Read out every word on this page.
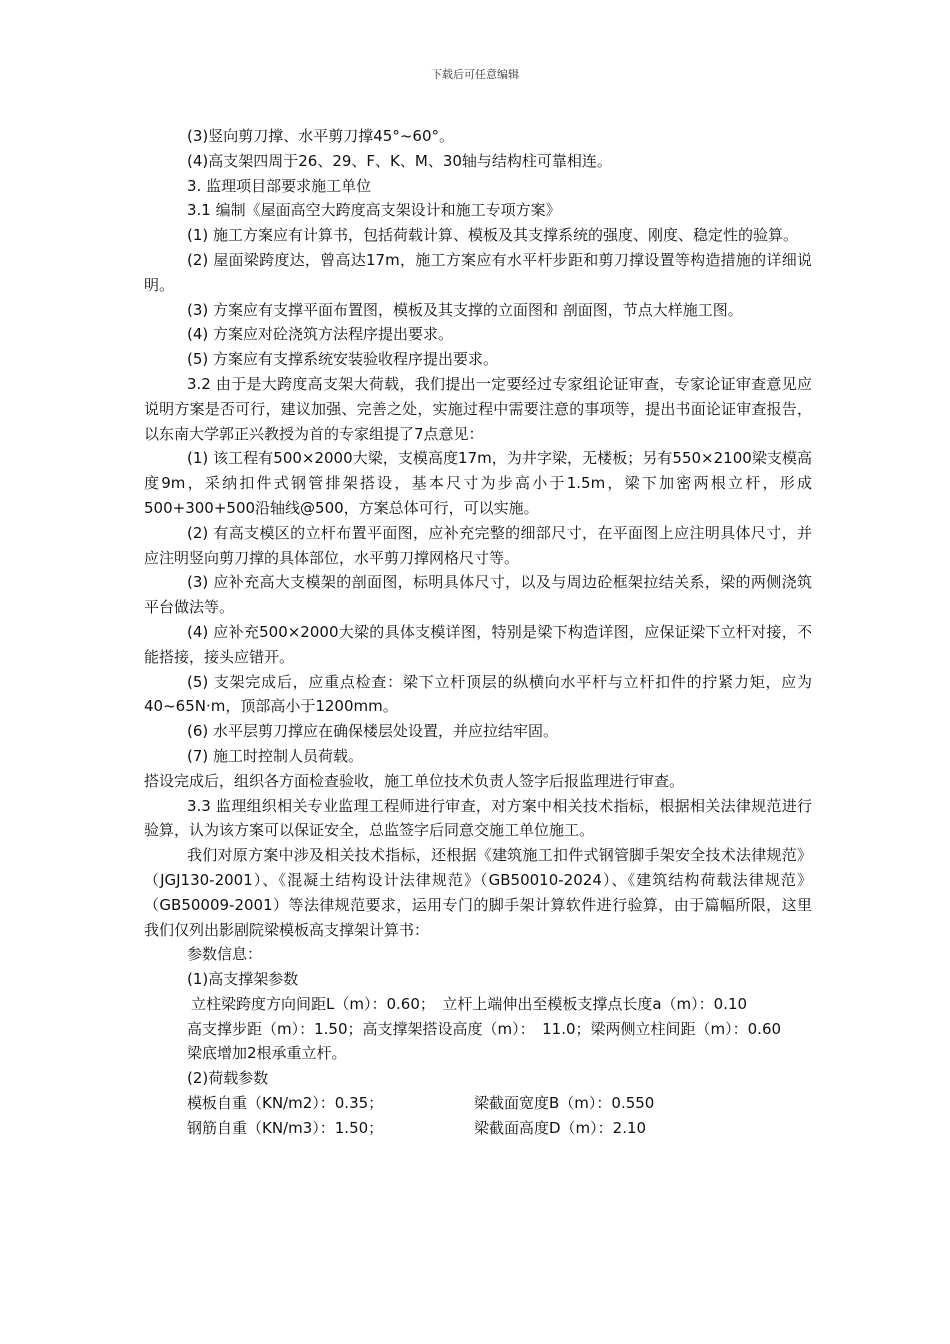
下载后可任意编辑

(3)竖向剪刀撑、水平剪刀撑45°~60°。

(4)高支架四周于26、29、F、K、M、30轴与结构柱可靠相连。

3. 监理项目部要求施工单位

3.1 编制《屋面高空大跨度高支架设计和施工专项方案》

(1) 施工方案应有计算书，包括荷载计算、模板及其支撑系统的强度、刚度、稳定性的验算。

(2) 屋面梁跨度达，曾高达17m，施工方案应有水平杆步距和剪刀撑设置等构造措施的详细说明。

(3) 方案应有支撑平面布置图，模板及其支撑的立面图和 剖面图，节点大样施工图。

(4) 方案应对砼浇筑方法程序提出要求。

(5) 方案应有支撑系统安装验收程序提出要求。

3.2 由于是大跨度高支架大荷载，我们提出一定要经过专家组论证审查，专家论证审查意见应说明方案是否可行，建议加强、完善之处，实施过程中需要注意的事项等，提出书面论证审查报告，以东南大学郭正兴教授为首的专家组提了7点意见：

(1) 该工程有500×2000大梁，支模高度17m，为井字梁，无楼板；另有550×2100梁支模高度9m，采纳扣件式钢管排架搭设，基本尺寸为步高小于1.5m，梁下加密两根立杆，形成500+300+500沿轴线@500，方案总体可行，可以实施。

(2) 有高支模区的立杆布置平面图，应补充完整的细部尺寸，在平面图上应注明具体尺寸，并应注明竖向剪刀撑的具体部位，水平剪刀撑网格尺寸等。

(3) 应补充高大支模架的剖面图，标明具体尺寸，以及与周边砼框架拉结关系，梁的两侧浇筑平台做法等。

(4) 应补充500×2000大梁的具体支模详图，特别是梁下构造详图，应保证梁下立杆对接，不能搭接，接头应错开。

(5) 支架完成后，应重点检查：梁下立杆顶层的纵横向水平杆与立杆扣件的拧紧力矩，应为40~65N·m，顶部高小于1200mm。

(6) 水平层剪刀撑应在确保楼层处设置，并应拉结牢固。

(7) 施工时控制人员荷载。

搭设完成后，组织各方面检查验收，施工单位技术负责人签字后报监理进行审查。

3.3 监理组织相关专业监理工程师进行审查，对方案中相关技术指标，根据相关法律规范进行验算，认为该方案可以保证安全，总监签字后同意交施工单位施工。

我们对原方案中涉及相关技术指标，还根据《建筑施工扣件式钢管脚手架安全技术法律规范》（JGJ130-2001）、《混凝土结构设计法律规范》（GB50010-2024）、《建筑结构荷载法律规范》（GB50009-2001）等法律规范要求，运用专门的脚手架计算软件进行验算，由于篇幅所限，这里我们仅列出影剧院梁模板高支撑架计算书：

参数信息：

(1)高支撑架参数

立柱梁跨度方向间距L（m）：0.60；　立杆上端伸出至模板支撑点长度a（m）：0.10

高支撑步距（m）：1.50；高支撑架搭设高度（m）：　11.0；梁两侧立柱间距（m）：0.60

梁底增加2根承重立杆。

(2)荷载参数

模板自重（KN/m2）：0.35；	梁截面宽度B（m）：0.550
钢筋自重（KN/m3）：1.50；	梁截面高度D（m）：2.10
